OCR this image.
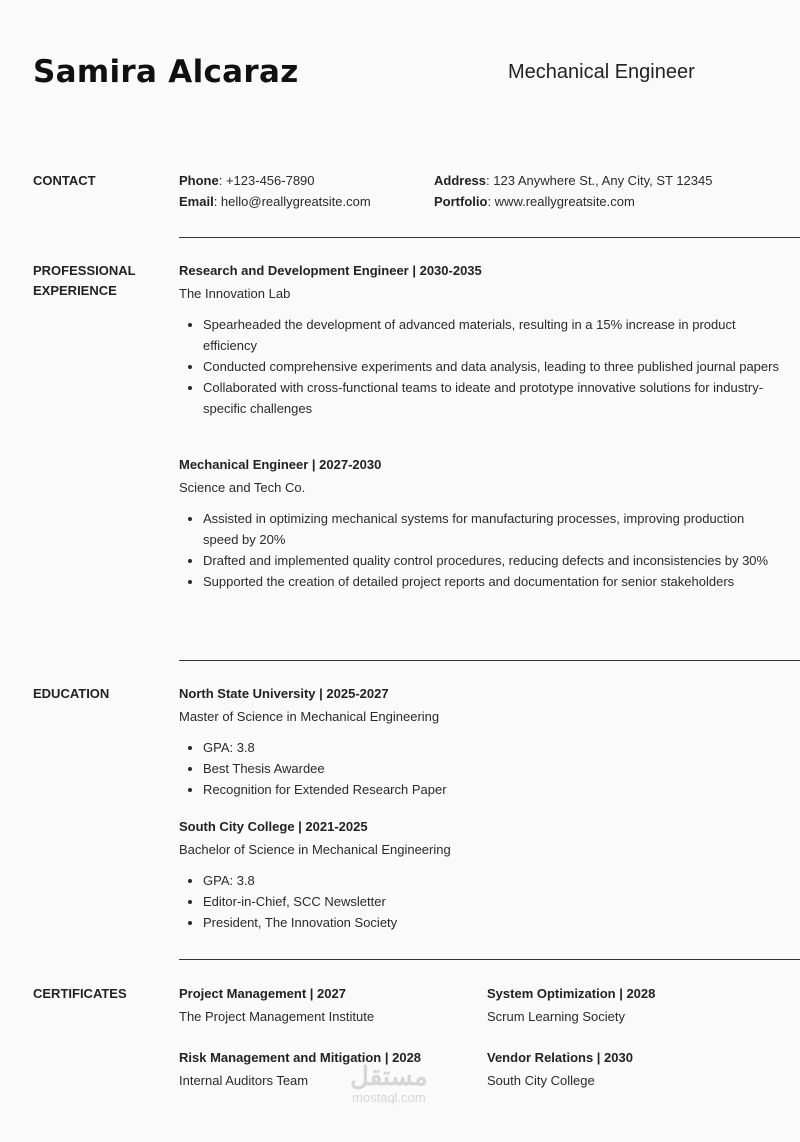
Samira Alcaraz	Mechanical Engineer
CONTACT	Phone: +123-456-7890
Email: hello@reallygreatsite.com
Address: 123 Anywhere St., Any City, ST 12345
Portfolio: www.reallygreatsite.com
PROFESSIONAL
EXPERIENCE
Research and Development Engineer | 2030-2035
The Innovation Lab
• Spearheaded the development of advanced materials, resulting in a 15% increase in product efficiency
• Conducted comprehensive experiments and data analysis, leading to three published journal papers
• Collaborated with cross-functional teams to ideate and prototype innovative solutions for industry-specific challenges
Mechanical Engineer | 2027-2030
Science and Tech Co.
• Assisted in optimizing mechanical systems for manufacturing processes, improving production speed by 20%
• Drafted and implemented quality control procedures, reducing defects and inconsistencies by 30%
• Supported the creation of detailed project reports and documentation for senior stakeholders
EDUCATION	North State University | 2025-2027
Master of Science in Mechanical Engineering
• GPA: 3.8
• Best Thesis Awardee
• Recognition for Extended Research Paper
South City College | 2021-2025
Bachelor of Science in Mechanical Engineering
• GPA: 3.8
• Editor-in-Chief, SCC Newsletter
• President, The Innovation Society
CERTIFICATES	Project Management | 2027
The Project Management Institute
System Optimization | 2028
Scrum Learning Society
Risk Management and Mitigation | 2028
Internal Auditors Team
Vendor Relations | 2030
South City College
مستقل
mostaql.com
